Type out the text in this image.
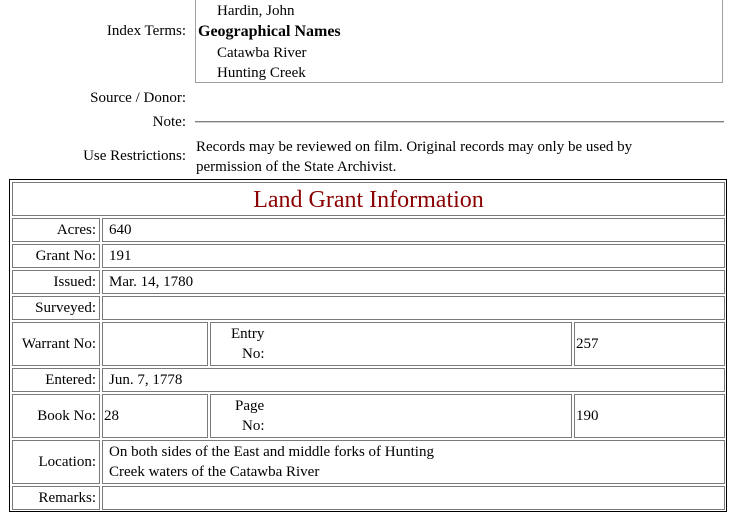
Index Terms:
Hardin, John
Geographical Names
Catawba River
Hunting Creek
Source / Donor:
Note:
Use Restrictions:
Records may be reviewed on film. Original records may only be used by
permission of the State Archivist.
Land Grant Information
Acres: 640
Grant No: 191
Issued: Mar. 14, 1780
Surveyed:
Warrant No:
Entry
No:
257
Entered: Jun. 7, 1778
Book No: 28
Page
No:
190
Location:
On both sides of the East and middle forks of Hunting
Creek waters of the Catawba River
Remarks:
